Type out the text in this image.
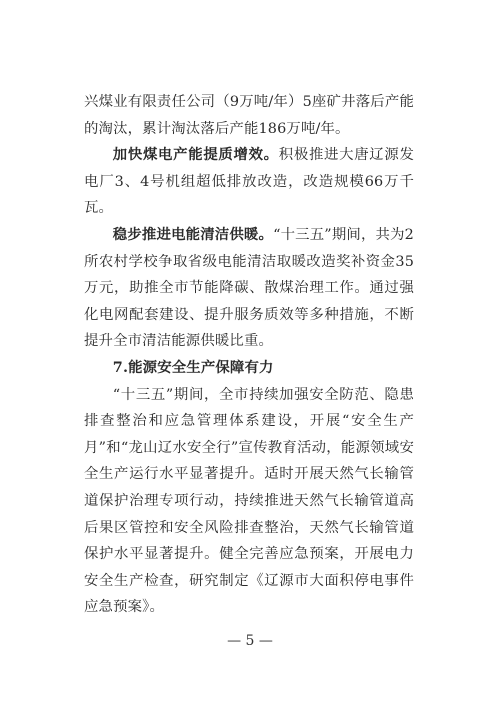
兴煤业有限责任公司（9万吨/年）5座矿井落后产能的淘汰，累计淘汰落后产能186万吨/年。

加快煤电产能提质增效。积极推进大唐辽源发电厂3、4号机组超低排放改造，改造规模66万千瓦。

稳步推进电能清洁供暖。“十三五”期间，共为2所农村学校争取省级电能清洁取暖改造奖补资金35万元，助推全市节能降碳、散煤治理工作。通过强化电网配套建设、提升服务质效等多种措施，不断提升全市清洁能源供暖比重。

7.能源安全生产保障有力

“十三五”期间，全市持续加强安全防范、隐患排查整治和应急管理体系建设，开展“安全生产月”和“龙山辽水安全行”宣传教育活动，能源领域安全生产运行水平显著提升。适时开展天然气长输管道保护治理专项行动，持续推进天然气长输管道高后果区管控和安全风险排查整治，天然气长输管道保护水平显著提升。健全完善应急预案，开展电力安全生产检查，研究制定《辽源市大面积停电事件应急预案》。

— 5 —
